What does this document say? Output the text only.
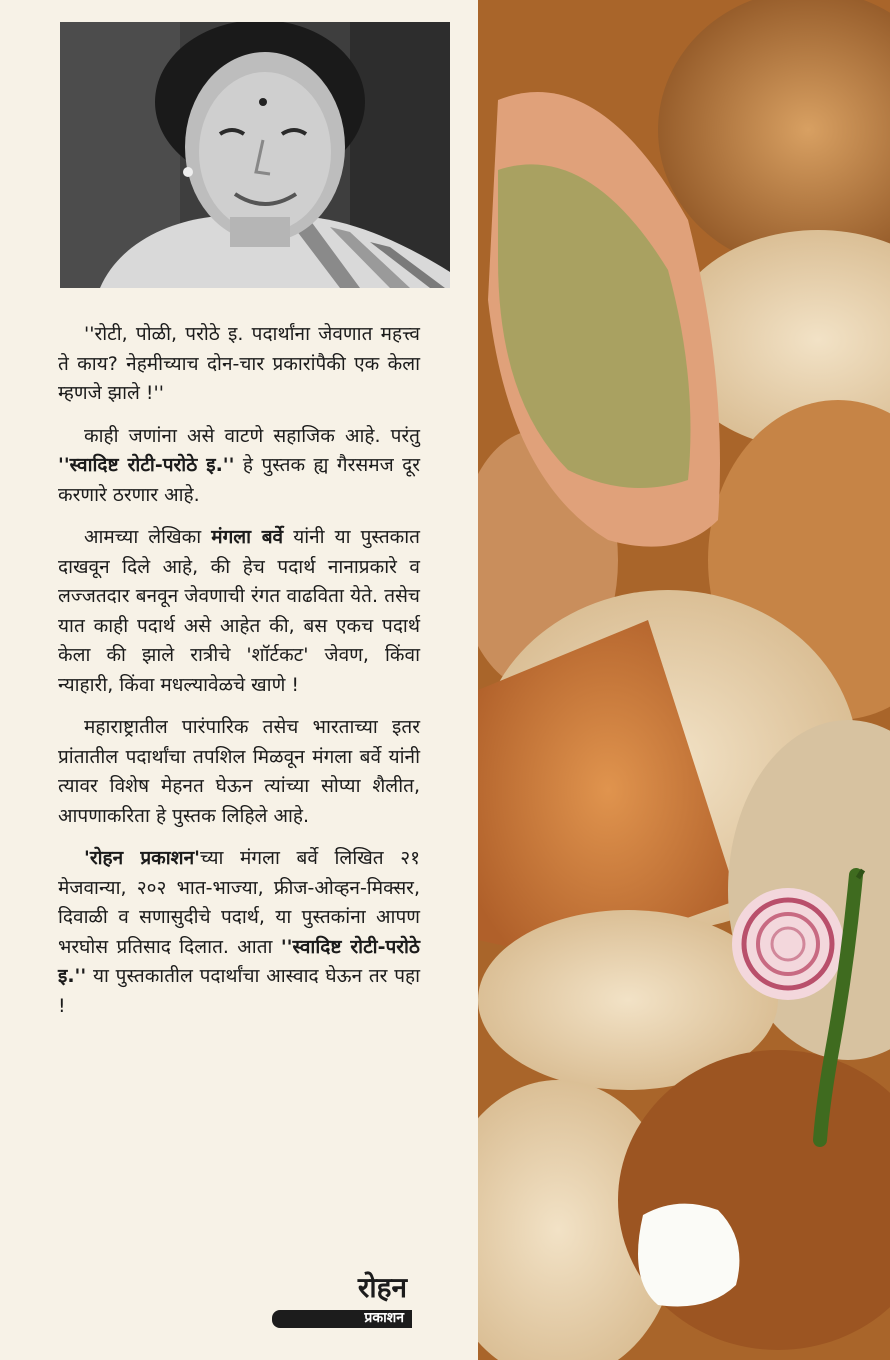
''रोटी, पोळी, परोठे इ. पदार्थांना जेवणात महत्त्व ते काय? नेहमीच्याच दोन-चार प्रकारांपैकी एक केला म्हणजे झाले !''

काही जणांना असे वाटणे सहाजिक आहे. परंतु ''स्वादिष्ट रोटी-परोठे इ.'' हे पुस्तक ह्य गैरसमज दूर करणारे ठरणार आहे.

आमच्या लेखिका मंगला बर्वे यांनी या पुस्तकात दाखवून दिले आहे, की हेच पदार्थ नानाप्रकारे व लज्जतदार बनवून जेवणाची रंगत वाढविता येते. तसेच यात काही पदार्थ असे आहेत की, बस एकच पदार्थ केला की झाले रात्रीचे 'शॉर्टकट' जेवण, किंवा न्याहारी, किंवा मधल्यावेळचे खाणे !

महाराष्ट्रातील पारंपारिक तसेच भारताच्या इतर प्रांतातील पदार्थांचा तपशिल मिळवून मंगला बर्वे यांनी त्यावर विशेष मेहनत घेऊन त्यांच्या सोप्या शैलीत, आपणाकरिता हे पुस्तक लिहिले आहे.

'रोहन प्रकाशन'च्या मंगला बर्वे लिखित २१ मेजवान्या, २०२ भात-भाज्या, फ्रीज-ओव्हन-मिक्सर, दिवाळी व सणासुदीचे पदार्थ, या पुस्तकांना आपण भरघोस प्रतिसाद दिलात. आता ''स्वादिष्ट रोटी-परोठे इ.'' या पुस्तकातील पदार्थांचा आस्वाद घेऊन तर पहा !

रोहन
प्रकाशन
